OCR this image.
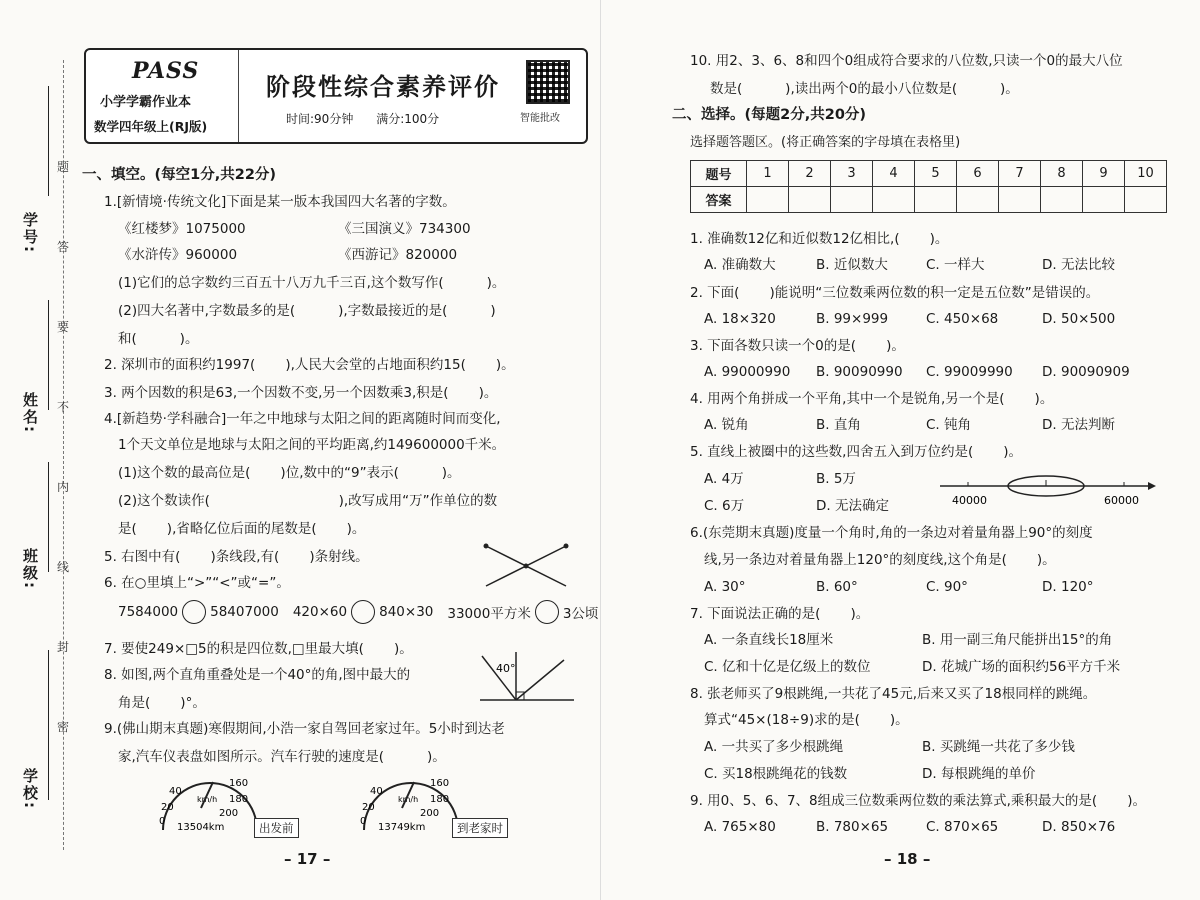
学号:
姓名:
班级:
学校:
题
答
要
不
内
线
封
密
PASS
小学学霸作业本
数学四年级上(RJ版)
阶段性综合素养评价
时间:90分钟      满分:100分	智能批改
一、填空。(每空1分,共22分)
1.[新情境·传统文化]下面是某一版本我国四大名著的字数。
《红楼梦》1075000	《三国演义》734300
《水浒传》960000	《西游记》820000
(1)它们的总字数约三百五十八万九千三百,这个数写作(          )。
(2)四大名著中,字数最多的是(          ),字数最接近的是(          )
和(          )。
2. 深圳市的面积约1997(       ),人民大会堂的占地面积约15(       )。
3. 两个因数的积是63,一个因数不变,另一个因数乘3,积是(       )。
4.[新趋势·学科融合]一年之中地球与太阳之间的距离随时间而变化,
1个天文单位是地球与太阳之间的平均距离,约149600000千米。
(1)这个数的最高位是(       )位,数中的“9”表示(          )。
(2)这个数读作(                              ),改写成用“万”作单位的数
是(       ),省略亿位后面的尾数是(       )。
5. 右图中有(       )条线段,有(       )条射线。
6. 在○里填上“>”“<”或“=”。
7584000 58407000 420×60 840×30 33000平方米 3公顷
7. 要使249×□5的积是四位数,□里最大填(       )。
8. 如图,两个直角重叠处是一个40°的角,图中最大的
角是(       )°。
40°
9.(佛山期末真题)寒假期间,小浩一家自驾回老家过年。5小时到达老
家,汽车仪表盘如图所示。汽车行驶的速度是(          )。
40
20
0
160
180
200
km/h
13504km	出发前
40
20
0
160
180
200
km/h
13749km	到老家时
– 17 –
10. 用2、3、6、8和四个0组成符合要求的八位数,只读一个0的最大八位
数是(          ),读出两个0的最小八位数是(          )。
二、选择。(每题2分,共20分)
选择题答题区。(将正确答案的字母填在表格里)
题号	1	2	3	4	5	6	7	8	9	10
答案										
1. 准确数12亿和近似数12亿相比,(       )。
A. 准确数大	B. 近似数大	C. 一样大	D. 无法比较
2. 下面(       )能说明“三位数乘两位数的积一定是五位数”是错误的。
A. 18×320	B. 99×999	C. 450×68	D. 50×500
3. 下面各数只读一个0的是(       )。
A. 99000990 B. 90090990 C. 99009990 D. 90090909
4. 用两个角拼成一个平角,其中一个是锐角,另一个是(       )。
A. 锐角	B. 直角	C. 钝角	D. 无法判断
5. 直线上被圈中的这些数,四舍五入到万位约是(       )。
A. 4万	B. 5万
C. 6万	D. 无法确定	40000	60000
6.(东莞期末真题)度量一个角时,角的一条边对着量角器上90°的刻度
线,另一条边对着量角器上120°的刻度线,这个角是(       )。
A. 30°	B. 60°	C. 90°	D. 120°
7. 下面说法正确的是(       )。
A. 一条直线长18厘米	B. 用一副三角尺能拼出15°的角
C. 亿和十亿是亿级上的数位	D. 花城广场的面积约56平方千米
8. 张老师买了9根跳绳,一共花了45元,后来又买了18根同样的跳绳。
算式“45×(18÷9)求的是(       )。
A. 一共买了多少根跳绳	B. 买跳绳一共花了多少钱
C. 买18根跳绳花的钱数	D. 每根跳绳的单价
9. 用0、5、6、7、8组成三位数乘两位数的乘法算式,乘积最大的是(       )。
A. 765×80	B. 780×65	C. 870×65	D. 850×76
– 18 –
